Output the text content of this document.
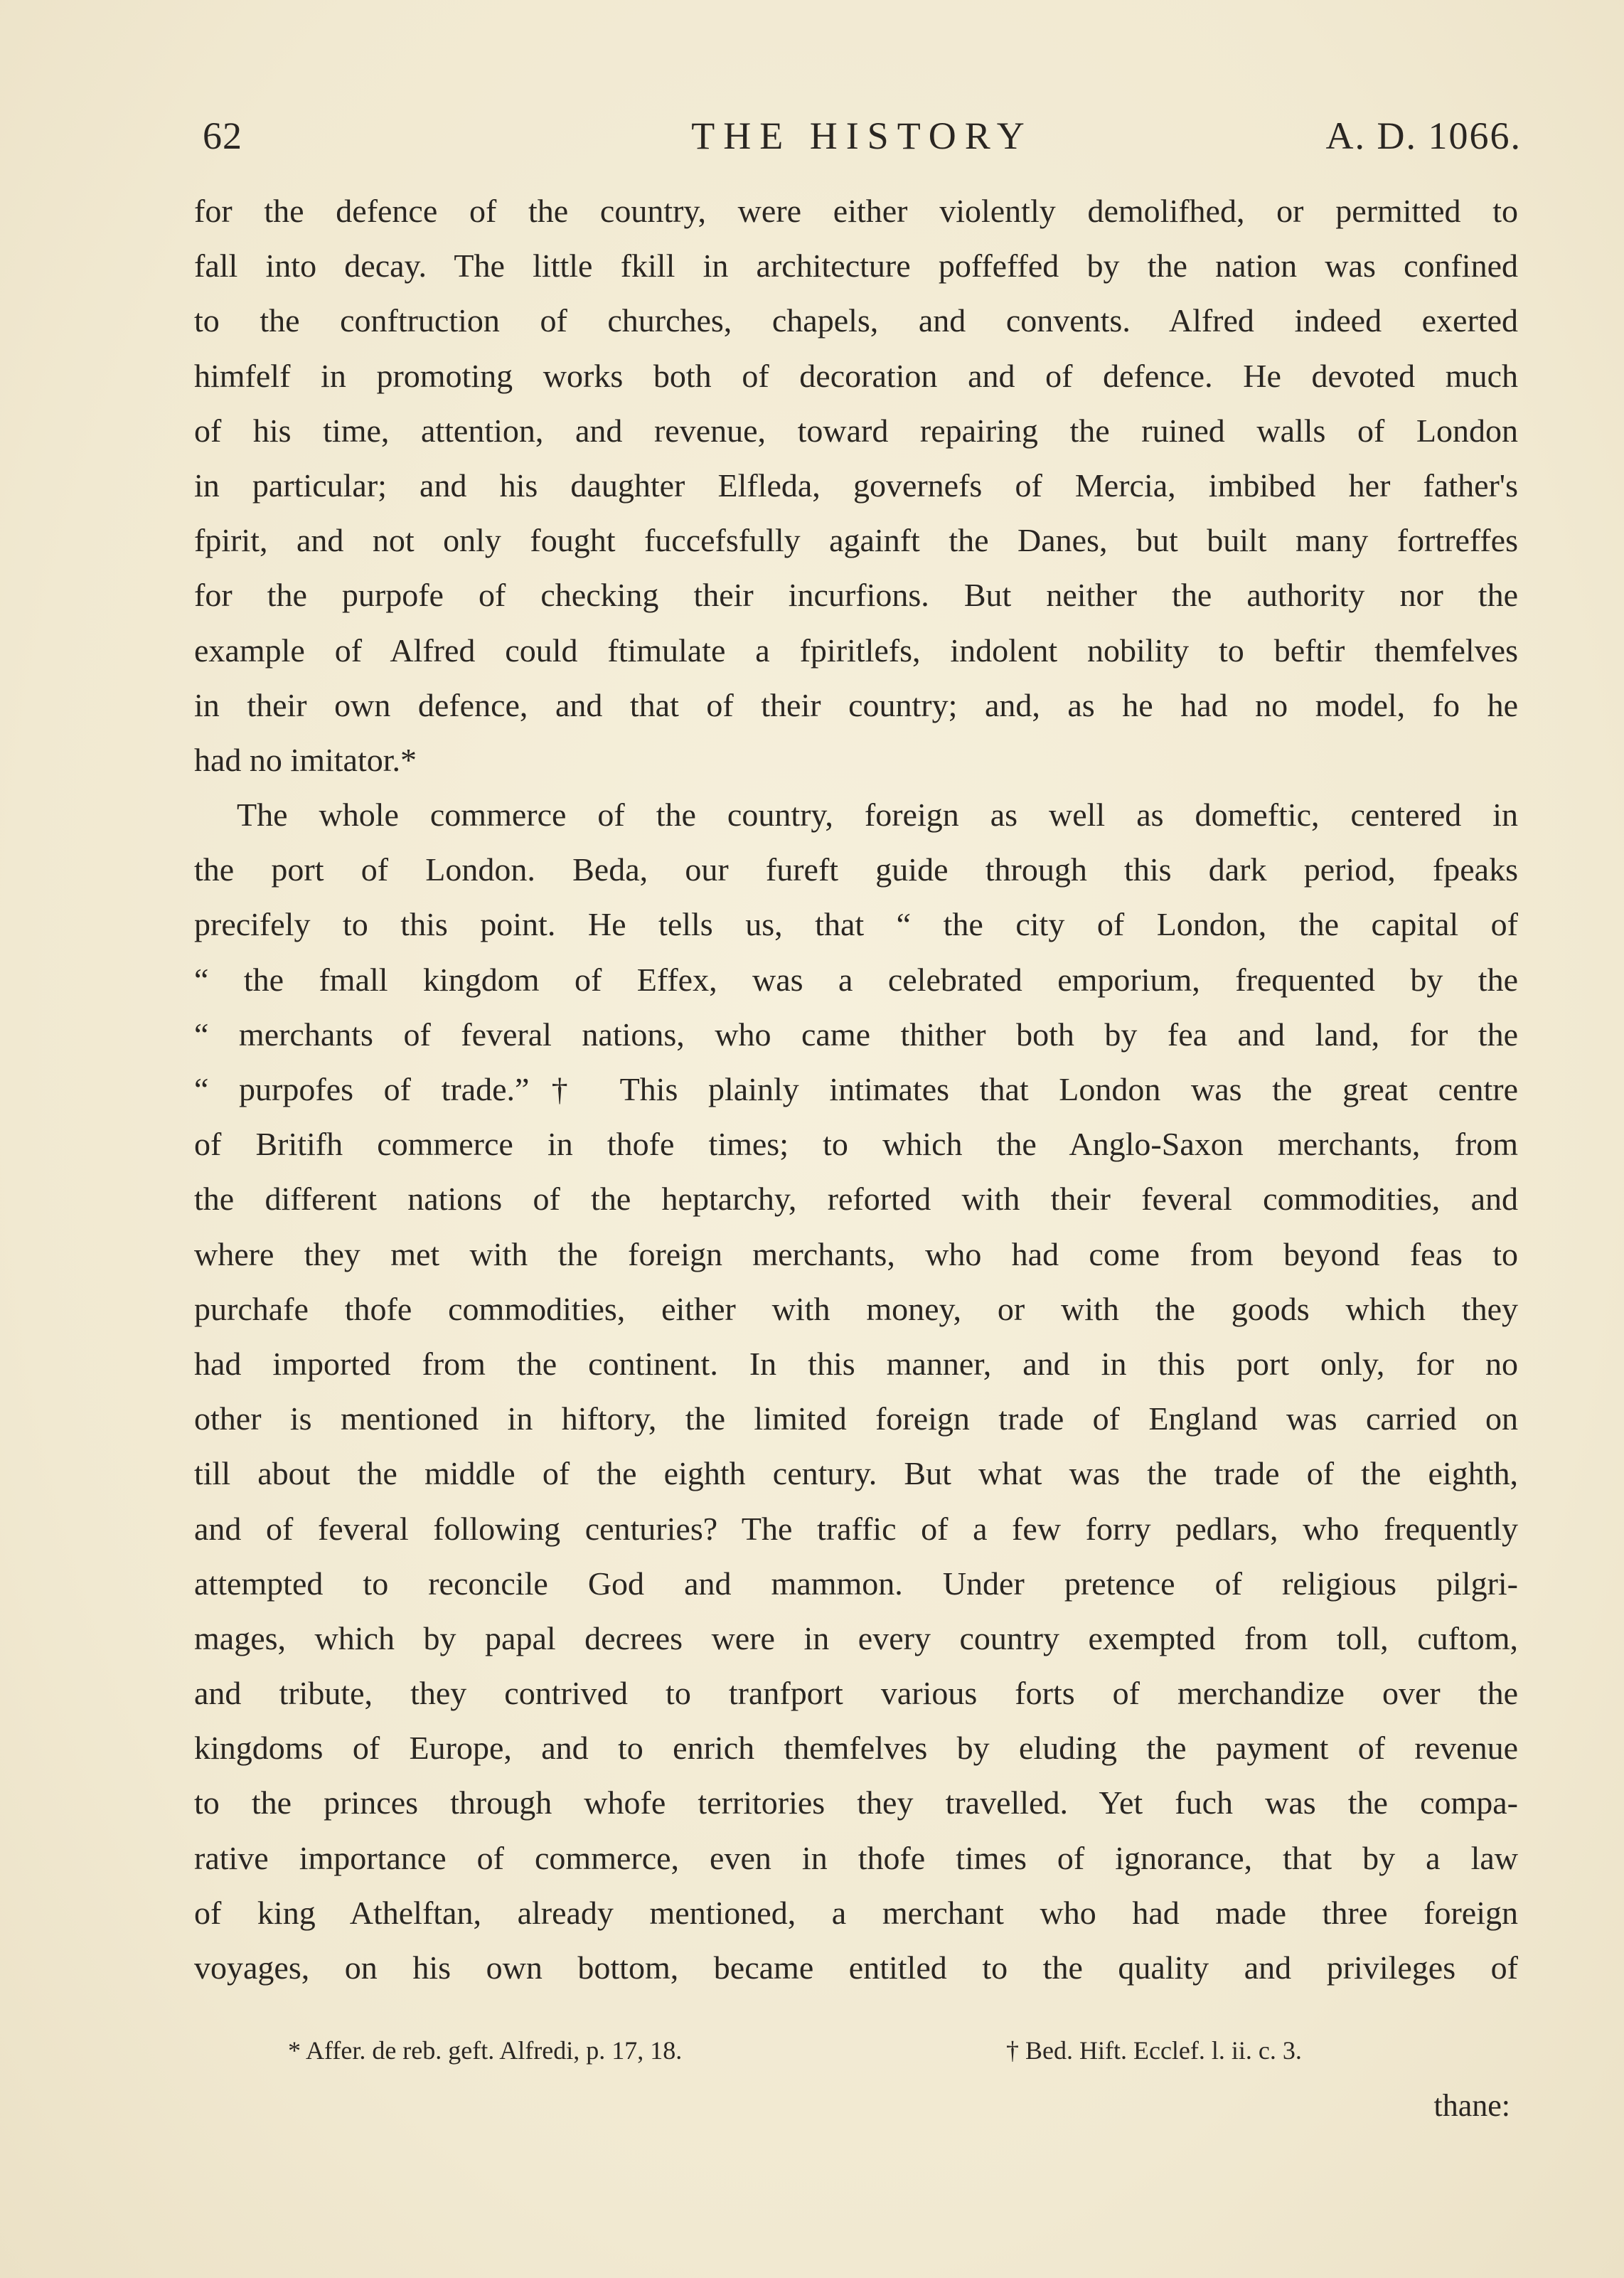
62	THE HISTORY	A. D. 1066.
for the defence of the country, were either violently demolifhed, or permitted to
fall into decay. The little fkill in architecture poffeffed by the nation was confined
to the conftruction of churches, chapels, and convents. Alfred indeed exerted
himfelf in promoting works both of decoration and of defence. He devoted much
of his time, attention, and revenue, toward repairing the ruined walls of London
in particular; and his daughter Elfleda, governefs of Mercia, imbibed her father's
fpirit, and not only fought fuccefsfully againft the Danes, but built many fortreffes
for the purpofe of checking their incurfions. But neither the authority nor the
example of Alfred could ftimulate a fpiritlefs, indolent nobility to beftir themfelves
in their own defence, and that of their country; and, as he had no model, fo he
had no imitator.*
The whole commerce of the country, foreign as well as domeftic, centered in
the port of London. Beda, our fureft guide through this dark period, fpeaks
precifely to this point. He tells us, that “ the city of London, the capital of
“ the fmall kingdom of Effex, was a celebrated emporium, frequented by the
“ merchants of feveral nations, who came thither both by fea and land, for the
“ purpofes of trade.”† This plainly intimates that London was the great centre
of Britifh commerce in thofe times; to which the Anglo-Saxon merchants, from
the different nations of the heptarchy, reforted with their feveral commodities, and
where they met with the foreign merchants, who had come from beyond feas to
purchafe thofe commodities, either with money, or with the goods which they
had imported from the continent. In this manner, and in this port only, for no
other is mentioned in hiftory, the limited foreign trade of England was carried on
till about the middle of the eighth century. But what was the trade of the eighth,
and of feveral following centuries? The traffic of a few forry pedlars, who frequently
attempted to reconcile God and mammon. Under pretence of religious pilgri-
mages, which by papal decrees were in every country exempted from toll, cuftom,
and tribute, they contrived to tranfport various forts of merchandize over the
kingdoms of Europe, and to enrich themfelves by eluding the payment of revenue
to the princes through whofe territories they travelled. Yet fuch was the compa-
rative importance of commerce, even in thofe times of ignorance, that by a law
of king Athelftan, already mentioned, a merchant who had made three foreign
voyages, on his own bottom, became entitled to the quality and privileges of
* Affer. de reb. geft. Alfredi, p. 17, 18.	† Bed. Hift. Ecclef. l. ii. c. 3.
thane:
